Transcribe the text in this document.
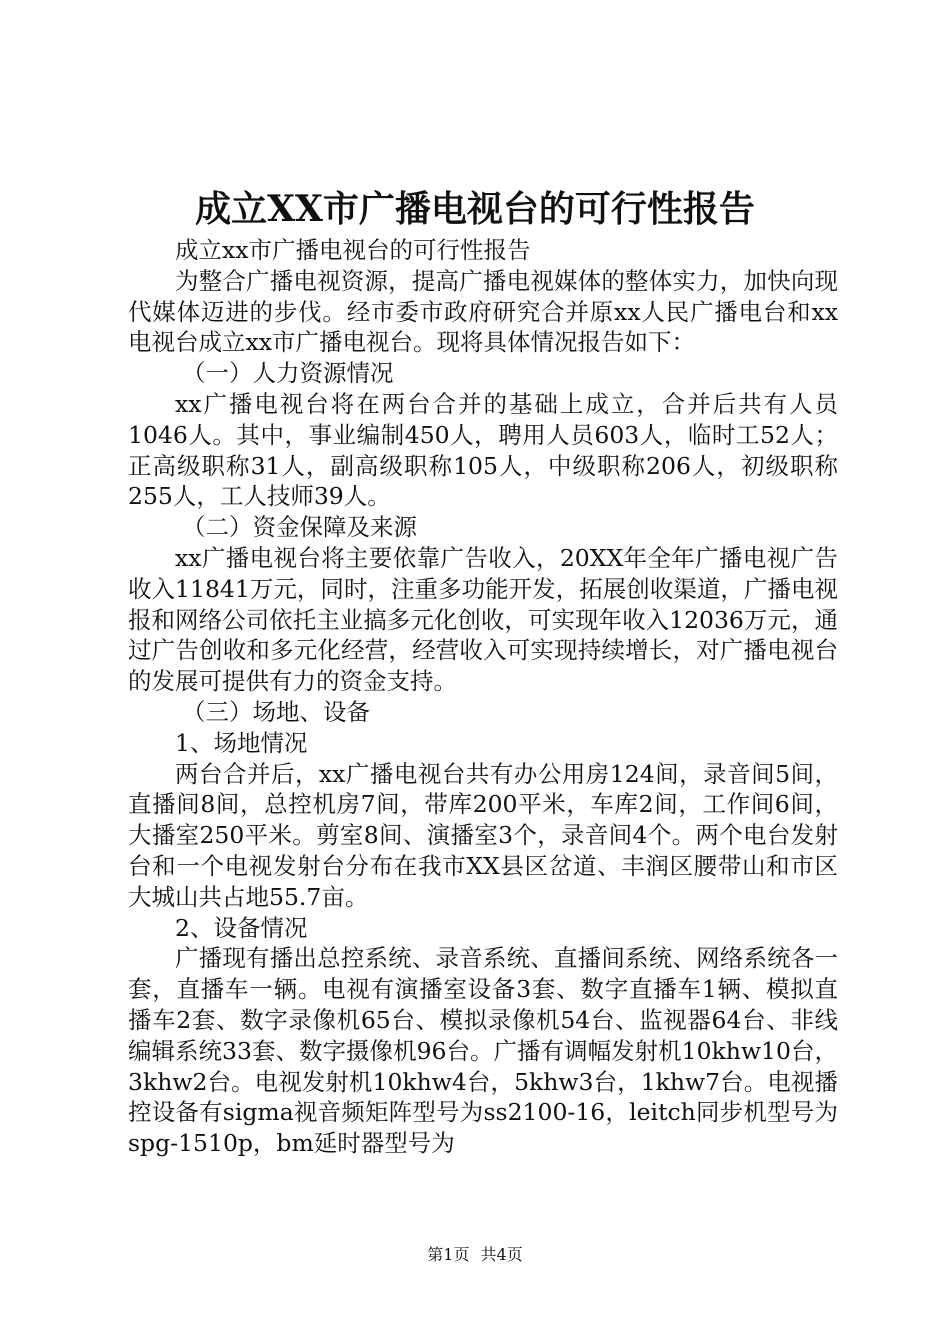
成立XX市广播电视台的可行性报告

成立xx市广播电视台的可行性报告

为整合广播电视资源，提高广播电视媒体的整体实力，加快向现代媒体迈进的步伐。经市委市政府研究合并原xx人民广播电台和xx电视台成立xx市广播电视台。现将具体情况报告如下：

（一）人力资源情况

xx广播电视台将在两台合并的基础上成立，合并后共有人员1046人。其中，事业编制450人，聘用人员603人，临时工52人；正高级职称31人，副高级职称105人，中级职称206人，初级职称255人，工人技师39人。

（二）资金保障及来源

xx广播电视台将主要依靠广告收入，20XX年全年广播电视广告收入11841万元，同时，注重多功能开发，拓展创收渠道，广播电视报和网络公司依托主业搞多元化创收，可实现年收入12036万元，通过广告创收和多元化经营，经营收入可实现持续增长，对广播电视台的发展可提供有力的资金支持。

（三）场地、设备

1、场地情况

两台合并后，xx广播电视台共有办公用房124间，录音间5间，直播间8间，总控机房7间，带库200平米，车库2间，工作间6间，大播室250平米。剪室8间、演播室3个，录音间4个。两个电台发射台和一个电视发射台分布在我市XX县区岔道、丰润区腰带山和市区大城山共占地55.7亩。

2、设备情况

广播现有播出总控系统、录音系统、直播间系统、网络系统各一套，直播车一辆。电视有演播室设备3套、数字直播车1辆、模拟直播车2套、数字录像机65台、模拟录像机54台、监视器64台、非线编辑系统33套、数字摄像机96台。广播有调幅发射机10khw10台，3khw2台。电视发射机10khw4台，5khw3台，1khw7台。电视播控设备有sigma视音频矩阵型号为ss2100-16，leitch同步机型号为spg-1510p，bm延时器型号为

第1页 共4页
